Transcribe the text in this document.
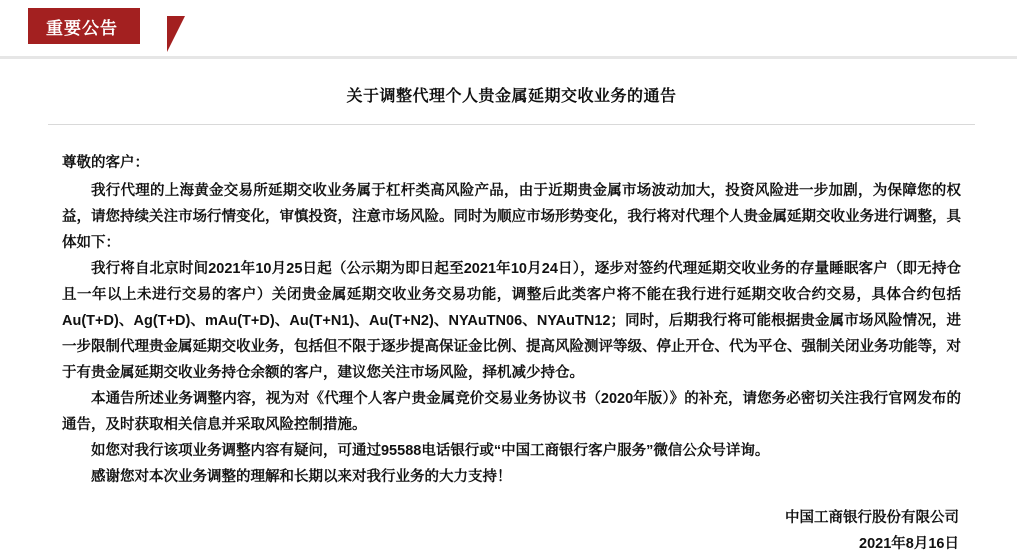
重要公告
关于调整代理个人贵金属延期交收业务的通告

尊敬的客户：

我行代理的上海黄金交易所延期交收业务属于杠杆类高风险产品，由于近期贵金属市场波动加大，投资风险进一步加剧，为保障您的权益，请您持续关注市场行情变化，审慎投资，注意市场风险。同时为顺应市场形势变化，我行将对代理个人贵金属延期交收业务进行调整，具体如下：

我行将自北京时间2021年10月25日起（公示期为即日起至2021年10月24日），逐步对签约代理延期交收业务的存量睡眠客户（即无持仓且一年以上未进行交易的客户）关闭贵金属延期交收业务交易功能，调整后此类客户将不能在我行进行延期交收合约交易，具体合约包括Au(T+D)、Ag(T+D)、mAu(T+D)、Au(T+N1)、Au(T+N2)、NYAuTN06、NYAuTN12；同时，后期我行将可能根据贵金属市场风险情况，进一步限制代理贵金属延期交收业务，包括但不限于逐步提高保证金比例、提高风险测评等级、停止开仓、代为平仓、强制关闭业务功能等，对于有贵金属延期交收业务持仓余额的客户，建议您关注市场风险，择机减少持仓。

本通告所述业务调整内容，视为对《代理个人客户贵金属竞价交易业务协议书（2020年版）》的补充，请您务必密切关注我行官网发布的通告，及时获取相关信息并采取风险控制措施。

如您对我行该项业务调整内容有疑问，可通过95588电话银行或“中国工商银行客户服务”微信公众号详询。

感谢您对本次业务调整的理解和长期以来对我行业务的大力支持！

中国工商银行股份有限公司
2021年8月16日
